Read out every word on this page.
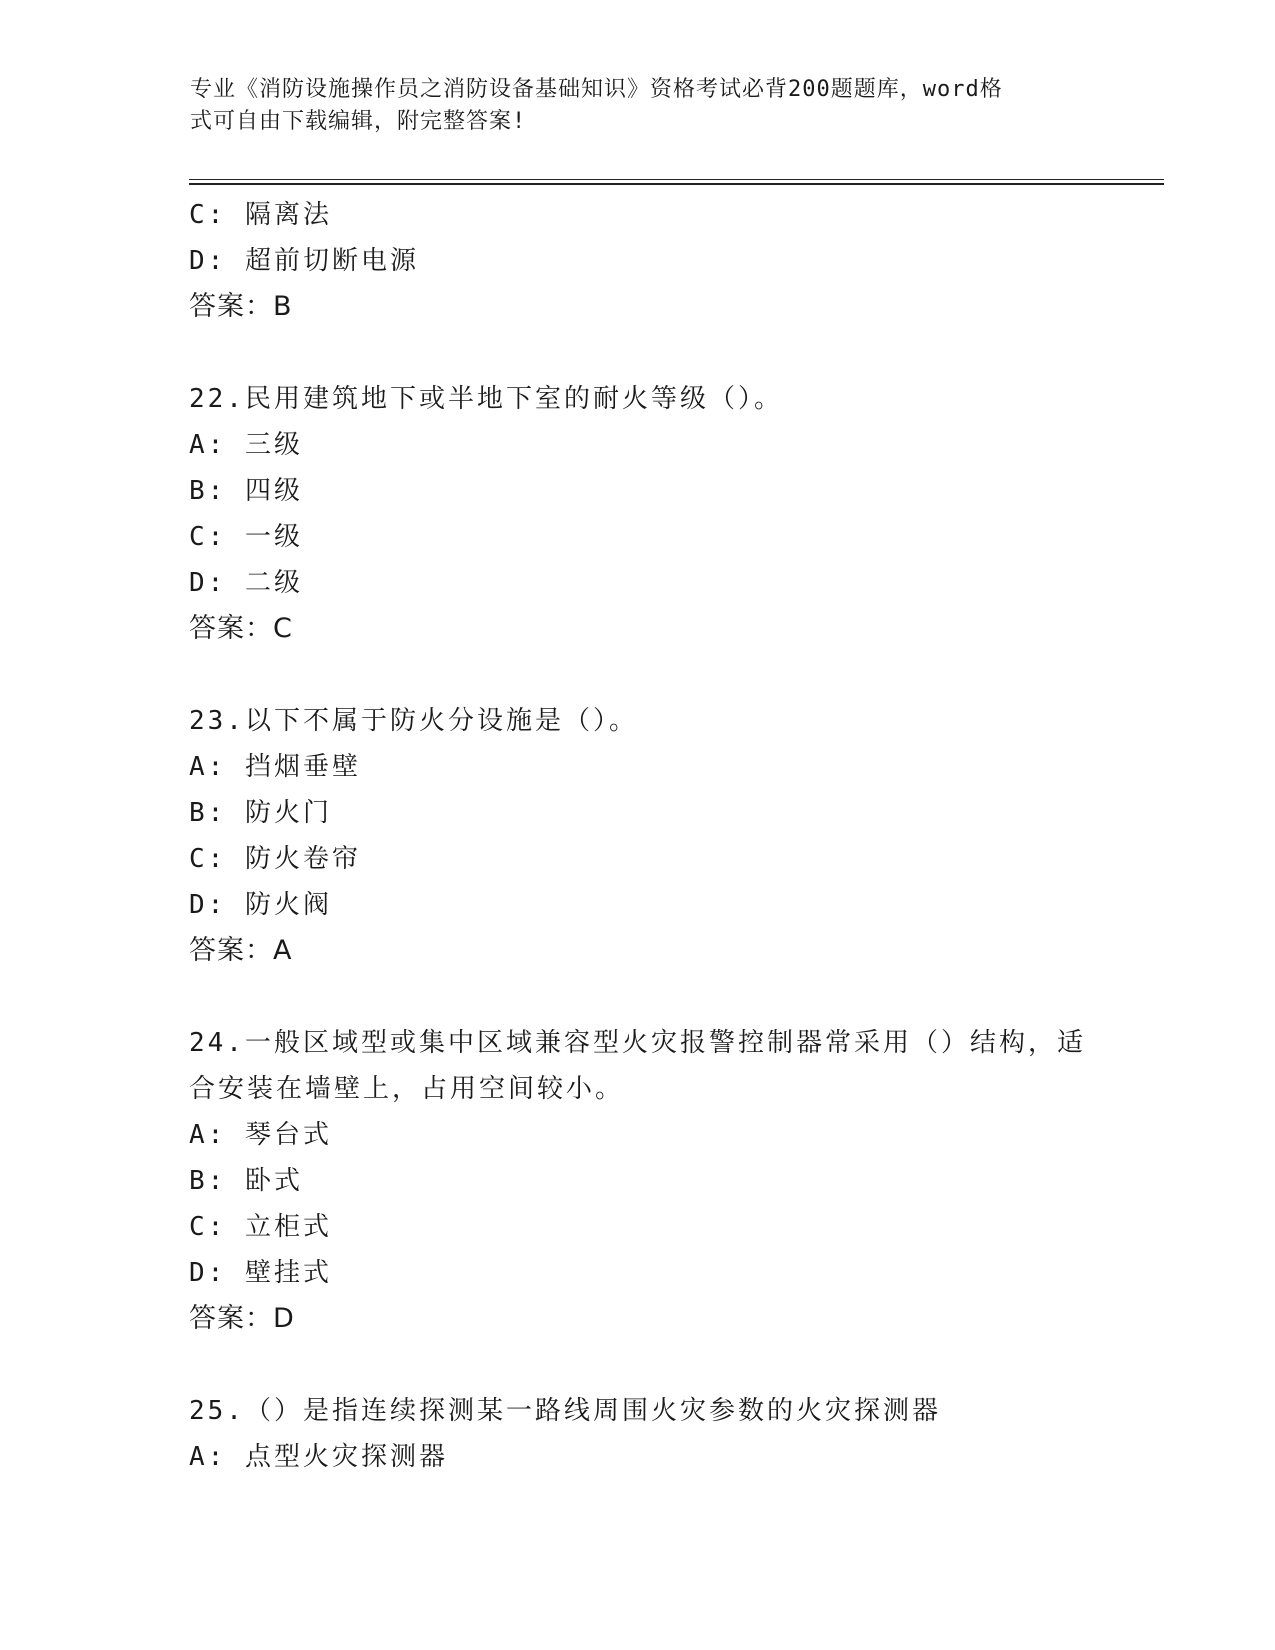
专业《消防设施操作员之消防设备基础知识》资格考试必背200题题库，word格
式可自由下载编辑，附完整答案!
C: 隔离法
D: 超前切断电源
答案：B
22.民用建筑地下或半地下室的耐火等级（）。
A: 三级
B: 四级
C: 一级
D: 二级
答案：C
23.以下不属于防火分设施是（）。
A: 挡烟垂壁
B: 防火门
C: 防火卷帘
D: 防火阀
答案：A
24.一般区域型或集中区域兼容型火灾报警控制器常采用（）结构，适
合安装在墙壁上，占用空间较小。
A: 琴台式
B: 卧式
C: 立柜式
D: 壁挂式
答案：D
25.（）是指连续探测某一路线周围火灾参数的火灾探测器
A: 点型火灾探测器
